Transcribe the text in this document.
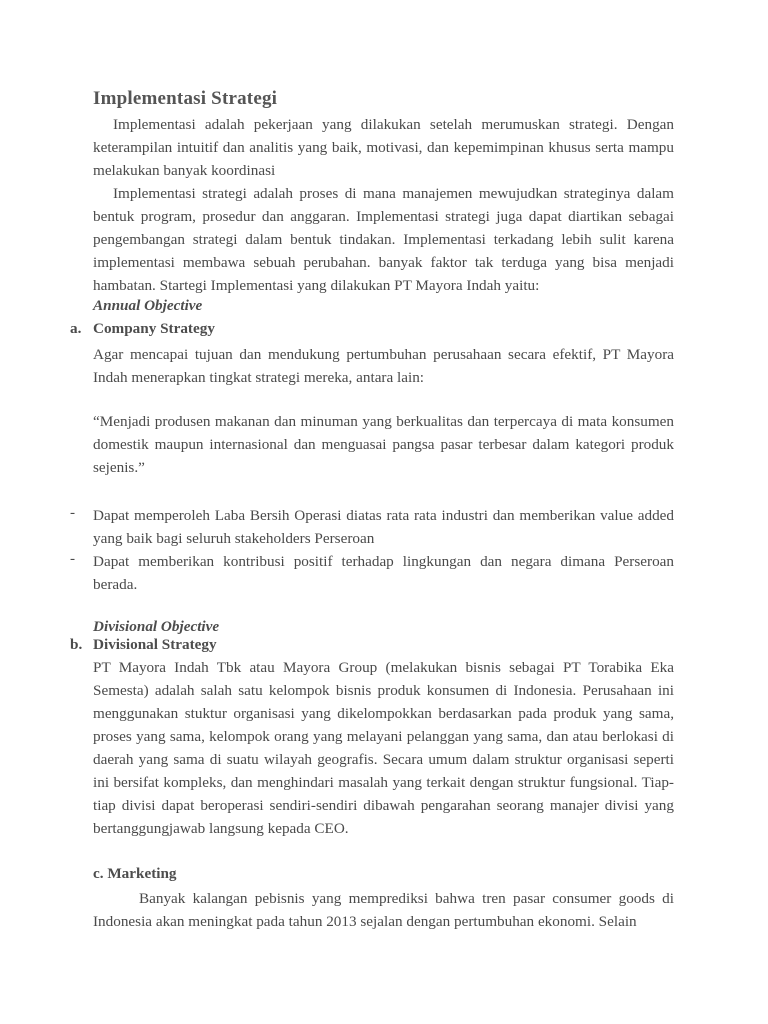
Implementasi Strategi
Implementasi adalah pekerjaan yang dilakukan setelah merumuskan strategi. Dengan keterampilan intuitif dan analitis yang baik, motivasi, dan kepemimpinan khusus serta mampu melakukan banyak koordinasi
Implementasi strategi adalah proses di mana manajemen mewujudkan strateginya dalam bentuk program, prosedur dan anggaran. Implementasi strategi juga dapat diartikan sebagai pengembangan strategi dalam bentuk tindakan. Implementasi terkadang lebih sulit karena implementasi membawa sebuah perubahan. banyak faktor tak terduga yang bisa menjadi hambatan. Startegi Implementasi yang dilakukan PT Mayora Indah yaitu:
Annual Objective
a. Company Strategy
Agar mencapai tujuan dan mendukung pertumbuhan perusahaan secara efektif, PT Mayora Indah menerapkan tingkat strategi mereka, antara lain:
“Menjadi produsen makanan dan minuman yang berkualitas dan terpercaya di mata konsumen domestik maupun internasional dan menguasai pangsa pasar terbesar dalam kategori produk sejenis.”
- Dapat memperoleh Laba Bersih Operasi diatas rata rata industri dan memberikan value added yang baik bagi seluruh stakeholders Perseroan
- Dapat memberikan kontribusi positif terhadap lingkungan dan negara dimana Perseroan berada.
Divisional Objective
b. Divisional Strategy
PT Mayora Indah Tbk atau Mayora Group (melakukan bisnis sebagai PT Torabika Eka Semesta) adalah salah satu kelompok bisnis produk konsumen di Indonesia. Perusahaan ini menggunakan stuktur organisasi yang dikelompokkan berdasarkan pada produk yang sama, proses yang sama, kelompok orang yang melayani pelanggan yang sama, dan atau berlokasi di daerah yang sama di suatu wilayah geografis. Secara umum dalam struktur organisasi seperti ini bersifat kompleks, dan menghindari masalah yang terkait dengan struktur fungsional. Tiap-tiap divisi dapat beroperasi sendiri-sendiri dibawah pengarahan seorang manajer divisi yang bertanggungjawab langsung kepada CEO.
c. Marketing
Banyak kalangan pebisnis yang memprediksi bahwa tren pasar consumer goods di Indonesia akan meningkat pada tahun 2013 sejalan dengan pertumbuhan ekonomi. Selain
